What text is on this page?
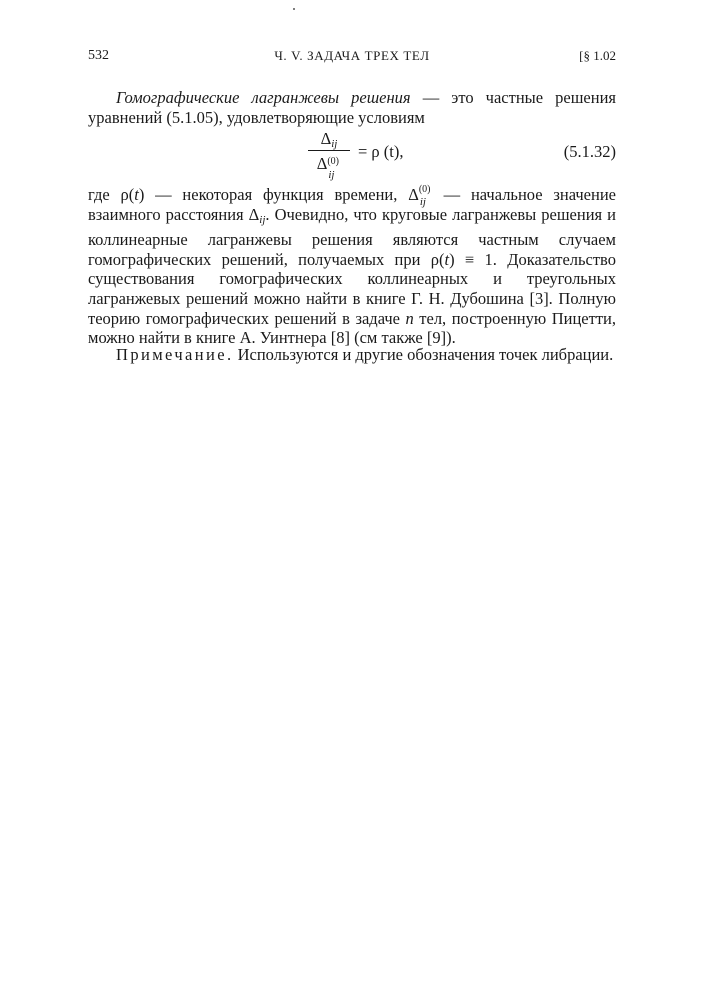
532	Ч. V. ЗАДАЧА ТРЕХ ТЕЛ	[§ 1.02

Гомографические лагранжевы решения — это частные решения уравнений (5.1.05), удовлетворяющие условиям

$\Delta_{ij}$
Δ (0)
ij
= ρ (t),	(5.1.32)

где ρ(t) — некоторая функция времени, Δ (0)
ij — начальное значение взаимного расстояния $\Delta_{ij}$. Очевидно, что круговые лагранжевы решения и коллинеарные лагранжевы решения являются частным случаем гомографических решений, получаемых при ρ(t) ≡ 1. Доказательство существования гомографических коллинеарных и треугольных лагранжевых решений можно найти в книге Г. Н. Дубошина [3]. Полную теорию гомографических решений в задаче n тел, построенную Пицетти, можно найти в книге А. Уинтнера [8] (см также [9]).

Примечание. Используются и другие обозначения точек либрации.
